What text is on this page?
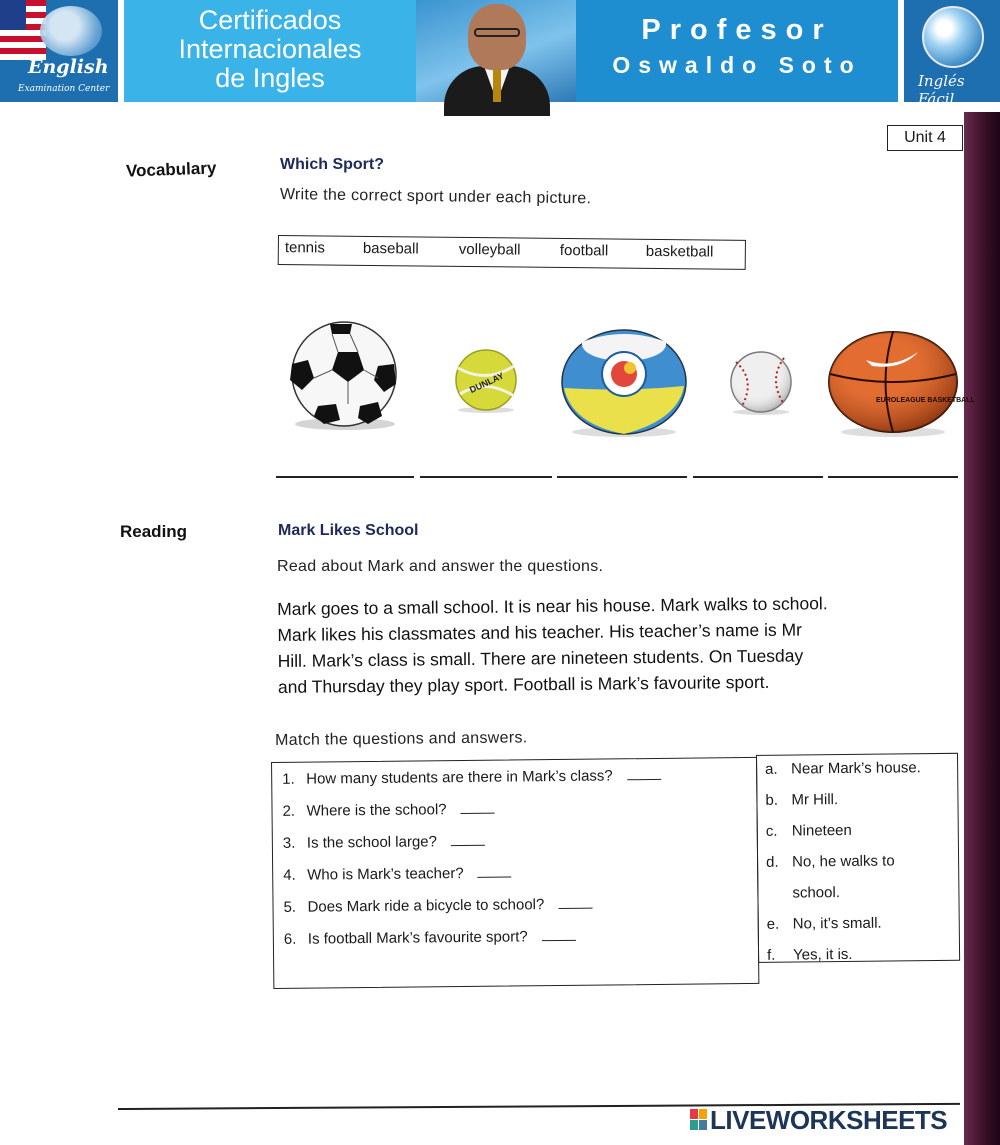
English
Examination Center
Certificados
Internacionales
de Ingles
Profesor
Oswaldo Soto
Inglés Fácil
Unit 4
Vocabulary	Which Sport?
Write the correct sport under each picture.
tennis	baseball	volleyball	football basketball
DUNLAY
EUROLEAGUE BASKETBALL
Reading	Mark Likes School
Read about Mark and answer the questions.
Mark goes to a small school. It is near his house. Mark walks to school.
Mark likes his classmates and his teacher. His teacher’s name is Mr
Hill. Mark’s class is small. There are nineteen students. On Tuesday
and Thursday they play sport. Football is Mark’s favourite sport.
Match the questions and answers.
1. How many students are there in Mark’s class?
2. Where is the school?
3. Is the school large?
4. Who is Mark’s teacher?
5. Does Mark ride a bicycle to school?
6. Is football Mark’s favourite sport?
a. Near Mark’s house.
b. Mr Hill.
c. Nineteen
d. No, he walks to
school.
e. No, it’s small.
f. Yes, it is.
LIVEWORKSHEETS
